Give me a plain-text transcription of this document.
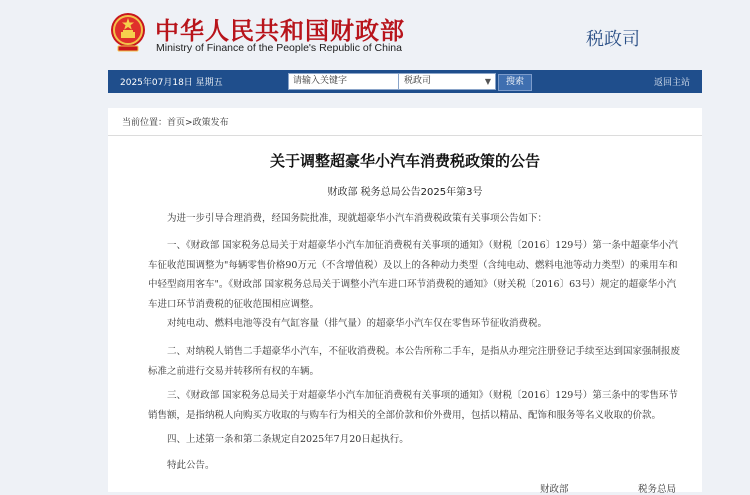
中华人民共和国财政部
Ministry of Finance of the People's Republic of China	税政司
2025年07月18日 星期五	请输入关键字	税政司	▼	搜索	返回主站
当前位置：首页>政策发布
关于调整超豪华小汽车消费税政策的公告
财政部 税务总局公告2025年第3号

为进一步引导合理消费，经国务院批准，现就超豪华小汽车消费税政策有关事项公告如下：

一、《财政部 国家税务总局关于对超豪华小汽车加征消费税有关事项的通知》（财税〔2016〕129号）第一条中超豪华小汽车征收范围调整为"每辆零售价格90万元（不含增值税）及以上的各种动力类型（含纯电动、燃料电池等动力类型）的乘用车和中轻型商用客车"。《财政部 国家税务总局关于调整小汽车进口环节消费税的通知》（财关税〔2016〕63号）规定的超豪华小汽车进口环节消费税的征收范围相应调整。

对纯电动、燃料电池等没有气缸容量（排气量）的超豪华小汽车仅在零售环节征收消费税。

二、对纳税人销售二手超豪华小汽车，不征收消费税。本公告所称二手车，是指从办理完注册登记手续至达到国家强制报废标准之前进行交易并转移所有权的车辆。

三、《财政部 国家税务总局关于对超豪华小汽车加征消费税有关事项的通知》（财税〔2016〕129号）第三条中的零售环节销售额，是指纳税人向购买方收取的与购车行为相关的全部价款和价外费用，包括以精品、配饰和服务等名义收取的价款。

四、上述第一条和第二条规定自2025年7月20日起执行。

特此公告。

财政部	税务总局
